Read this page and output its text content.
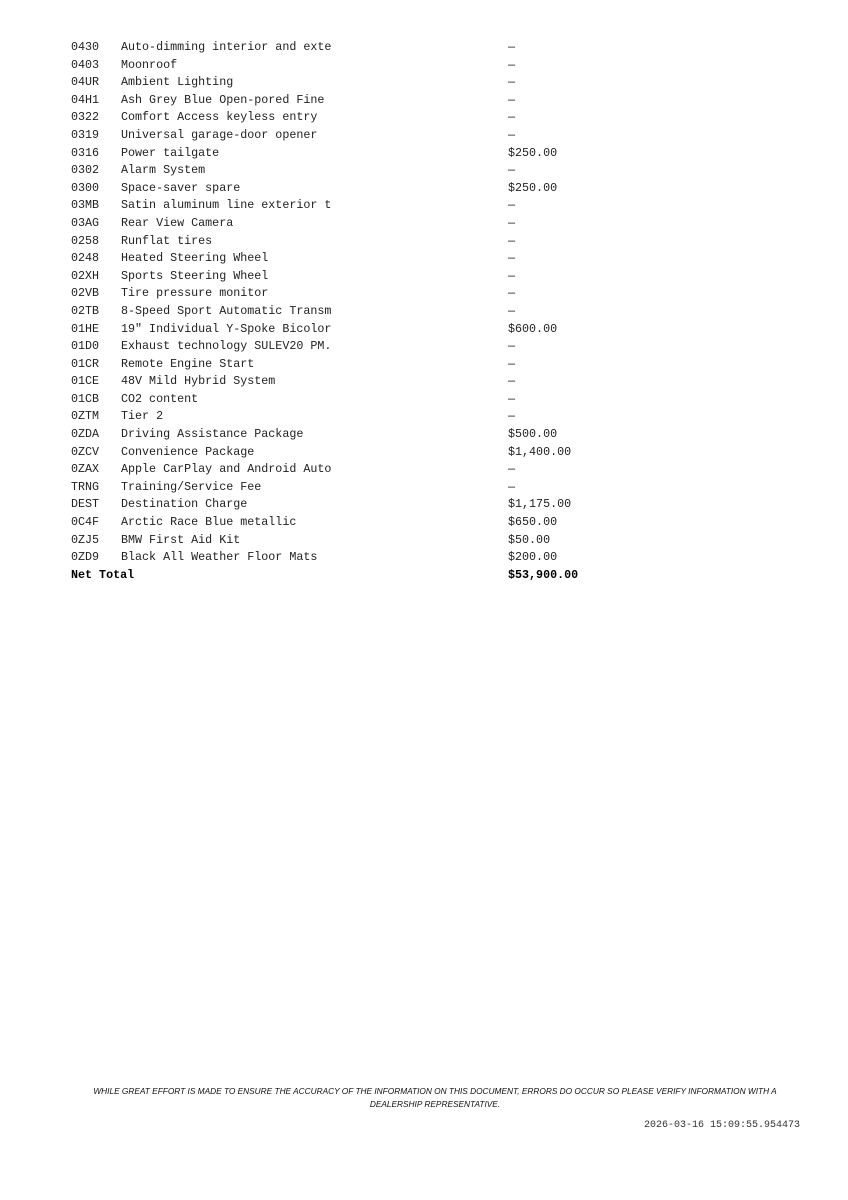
0430 Auto-dimming interior and exte	—
0403 Moonroof	—
04UR Ambient Lighting	—
04H1 Ash Grey Blue Open-pored Fine	—
0322 Comfort Access keyless entry	—
0319 Universal garage-door opener	—
0316 Power tailgate	$250.00
0302 Alarm System	—
0300 Space-saver spare	$250.00
03MB Satin aluminum line exterior t	—
03AG Rear View Camera	—
0258 Runflat tires	—
0248 Heated Steering Wheel	—
02XH Sports Steering Wheel	—
02VB Tire pressure monitor	—
02TB 8-Speed Sport Automatic Transm	—
01HE 19" Individual Y-Spoke Bicolor	$600.00
01D0 Exhaust technology SULEV20 PM.	—
01CR Remote Engine Start	—
01CE 48V Mild Hybrid System	—
01CB CO2 content	—
0ZTM Tier 2	—
0ZDA Driving Assistance Package	$500.00
0ZCV Convenience Package	$1,400.00
0ZAX Apple CarPlay and Android Auto	—
TRNG Training/Service Fee	—
DEST Destination Charge	$1,175.00
0C4F Arctic Race Blue metallic	$650.00
0ZJ5 BMW First Aid Kit	$50.00
0ZD9 Black All Weather Floor Mats	$200.00
Net Total	$53,900.00
WHILE GREAT EFFORT IS MADE TO ENSURE THE ACCURACY OF THE INFORMATION ON THIS DOCUMENT, ERRORS DO OCCUR SO PLEASE VERIFY INFORMATION WITH A DEALERSHIP REPRESENTATIVE.
2026-03-16 15:09:55.954473
